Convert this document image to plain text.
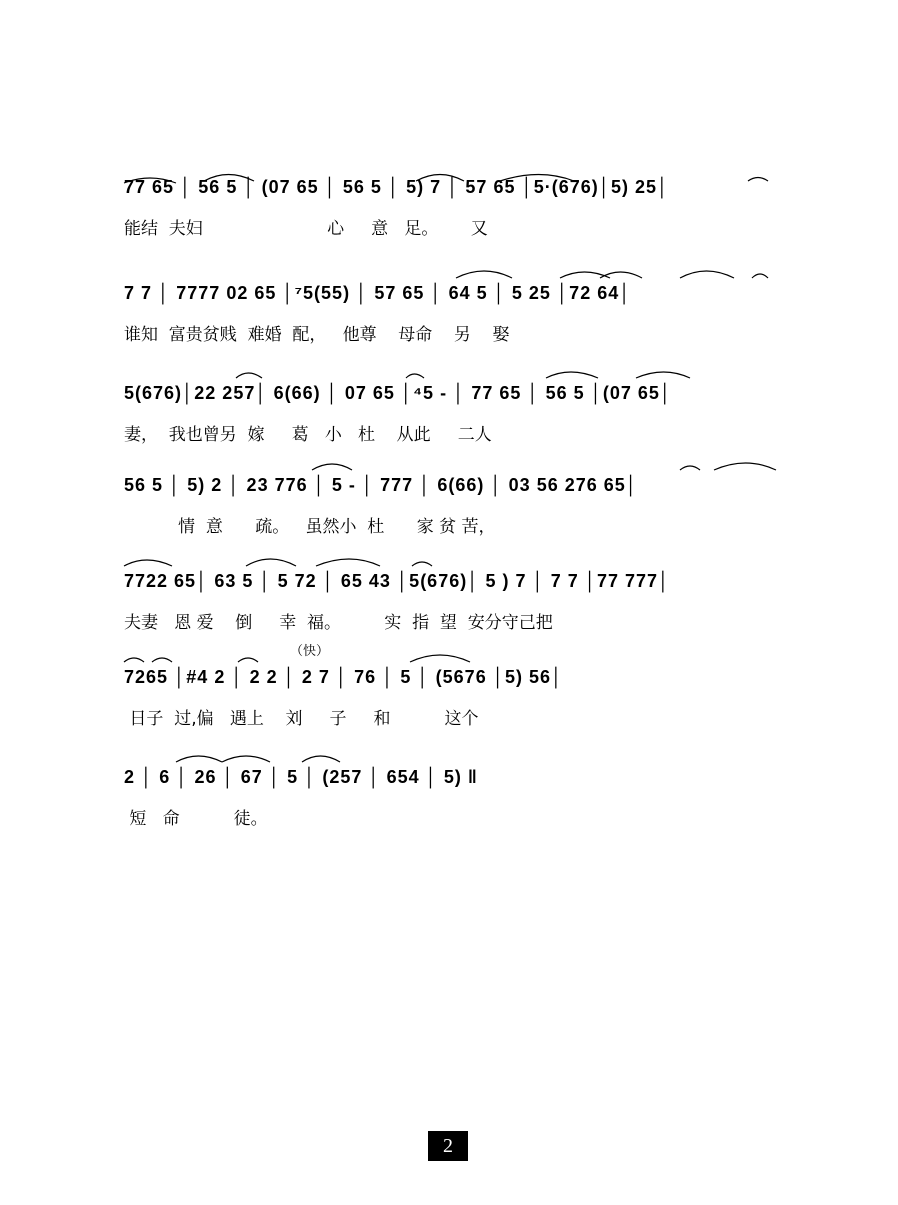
77 65 │ 56 5 │ (07 65 │ 56 5 │ 5) 7 │ 57 65 │5·(676)│5) 25│
能结  夫妇                       心     意   足。      又
7 7 │ 7777 02 65 │⁷5(55) │ 57 65 │ 64 5 │ 5 25 │72 64│
谁知  富贵贫贱  难婚  配，   他尊    母命    另    娶
5(676)│22 257│ 6(66) │ 07 65 │⁴5 - │ 77 65 │ 56 5 │(07 65│
妻，  我也曾另  嫁     葛   小   杜    从此     二人
56 5 │ 5) 2 │ 23 776 │ 5 - │ 777 │ 6(66) │ 03 56 276 65│
情  意      疏。   虽然小  杜      家 贫 苦，
7722 65│ 63 5 │ 5 72 │ 65 43 │5(676)│ 5 ) 7 │ 7 7 │77 777│
夫妻   恩 爱    倒     幸  福。        实  指  望  安分守己把
（快）
7265 │#4 2 │ 2 2 │ 2 7 │ 76 │ 5 │ (5676 │5) 56│
日子  过,偏   遇上    刘     子     和          这个
2 │ 6 │ 26 │ 67 │ 5 │ (257 │ 654 │ 5) ‖
短   命          徒。
2
